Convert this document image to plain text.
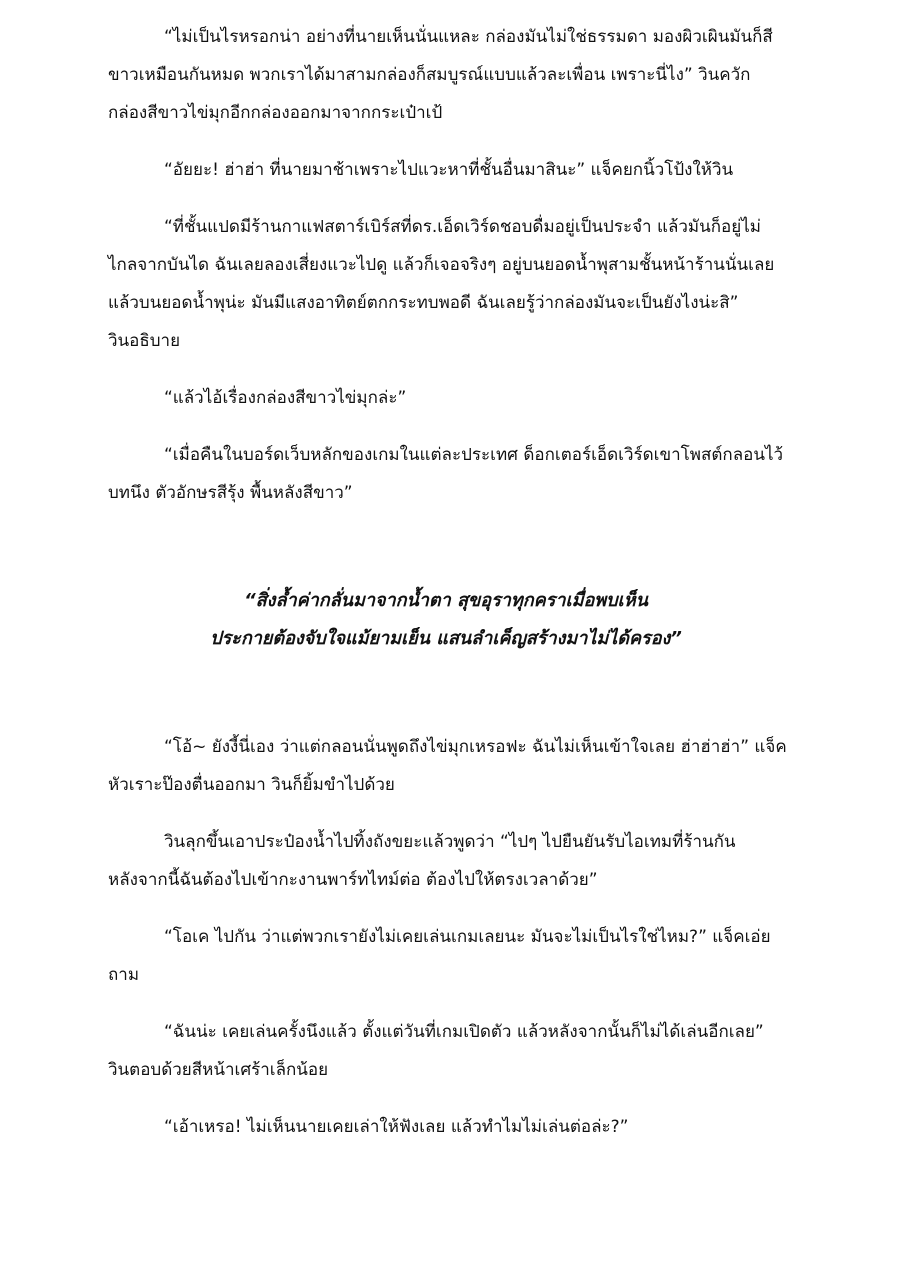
“ไม่เป็นไรหรอกน่า อย่างที่นายเห็นนั่นแหละ กล่องมันไม่ใช่ธรรมดา มองผิวเผินมันก็สี
ขาวเหมือนกันหมด พวกเราได้มาสามกล่องก็สมบูรณ์แบบแล้วละเพื่อน เพราะนี่ไง” วินควัก
กล่องสีขาวไข่มุกอีกกล่องออกมาจากกระเป๋าเป้

“อัยยะ! ฮ่าฮ่า ที่นายมาช้าเพราะไปแวะหาที่ชั้นอื่นมาสินะ” แจ็คยกนิ้วโป้งให้วิน

“ที่ชั้นแปดมีร้านกาแฟสตาร์เบิร์สที่ดร.เอ็ดเวิร์ดชอบดื่มอยู่เป็นประจำ แล้วมันก็อยู่ไม่
ไกลจากบันได ฉันเลยลองเสี่ยงแวะไปดู แล้วก็เจอจริงๆ อยู่บนยอดน้ำพุสามชั้นหน้าร้านนั่นเลย
แล้วบนยอดน้ำพุน่ะ มันมีแสงอาทิตย์ตกกระทบพอดี ฉันเลยรู้ว่ากล่องมันจะเป็นยังไงน่ะสิ”
วินอธิบาย

“แล้วไอ้เรื่องกล่องสีขาวไข่มุกล่ะ”

“เมื่อคืนในบอร์ดเว็บหลักของเกมในแต่ละประเทศ ด็อกเตอร์เอ็ดเวิร์ดเขาโพสต์กลอนไว้
บทนึง ตัวอักษรสีรุ้ง พื้นหลังสีขาว”

“สิ่งล้ำค่ากลั่นมาจากน้ำตา สุขอุราทุกคราเมื่อพบเห็น
ประกายต้องจับใจแม้ยามเย็น แสนลำเค็ญสร้างมาไม่ได้ครอง”

“โอ้~ ยังงี้นี่เอง ว่าแต่กลอนนั่นพูดถึงไข่มุกเหรอฟะ ฉันไม่เห็นเข้าใจเลย ฮ่าฮ่าฮ่า” แจ็ค
หัวเราะป๊องตื่นออกมา วินก็ยิ้มขำไปด้วย

วินลุกขึ้นเอาประป๋องน้ำไปทิ้งถังขยะแล้วพูดว่า “ไปๆ ไปยืนยันรับไอเทมที่ร้านกัน
หลังจากนี้ฉันต้องไปเข้ากะงานพาร์ทไทม์ต่อ ต้องไปให้ตรงเวลาด้วย”

“โอเค ไปกัน ว่าแต่พวกเรายังไม่เคยเล่นเกมเลยนะ มันจะไม่เป็นไรใช่ไหม?” แจ็คเอ่ย
ถาม

“ฉันน่ะ เคยเล่นครั้งนึงแล้ว ตั้งแต่วันที่เกมเปิดตัว แล้วหลังจากนั้นก็ไม่ได้เล่นอีกเลย”
วินตอบด้วยสีหน้าเศร้าเล็กน้อย

“เอ้าเหรอ! ไม่เห็นนายเคยเล่าให้ฟังเลย แล้วทำไมไม่เล่นต่อล่ะ?”
